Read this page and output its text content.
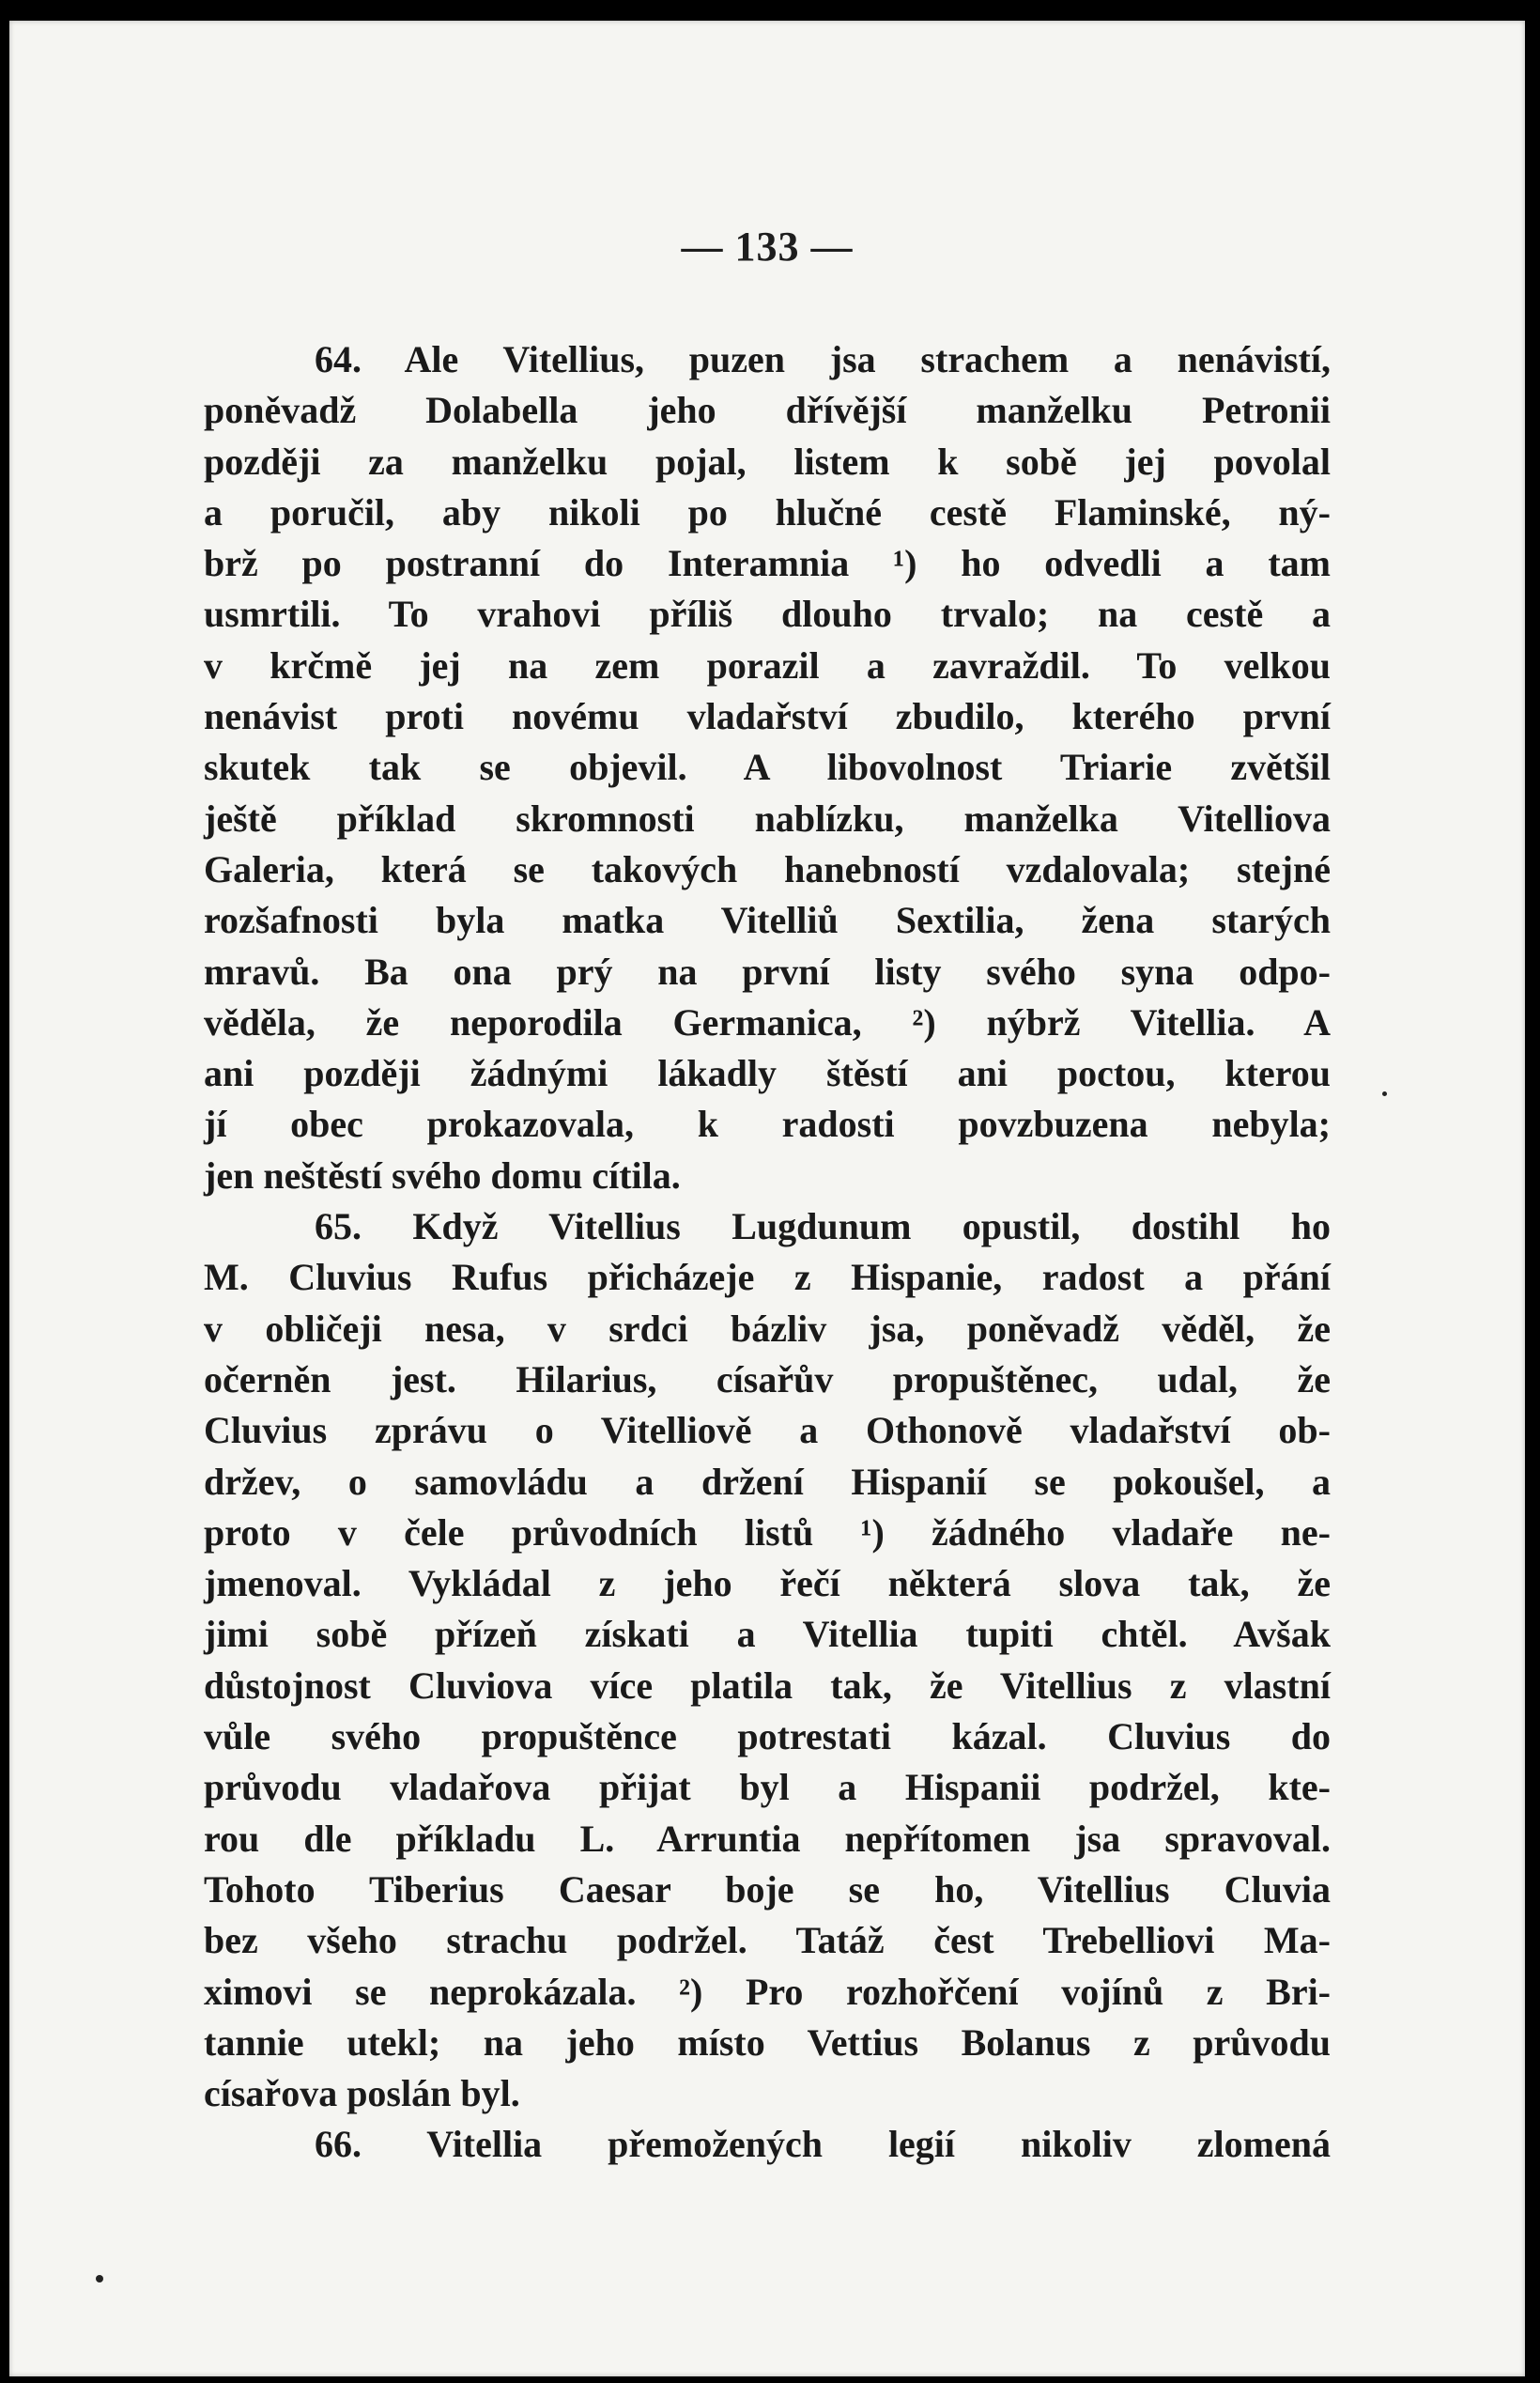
— 133 —
64. Ale Vitellius, puzen jsa strachem a nenávistí,
poněvadž Dolabella jeho dřívější manželku Petronii
později za manželku pojal, listem k sobě jej povolal
a poručil, aby nikoli po hlučné cestě Flaminské, ný-
brž po postranní do Interamnia ¹) ho odvedli a tam
usmrtili. To vrahovi příliš dlouho trvalo; na cestě a
v krčmě jej na zem porazil a zavraždil. To velkou
nenávist proti novému vladařství zbudilo, kterého první
skutek tak se objevil. A libovolnost Triarie zvětšil
ještě příklad skromnosti nablízku, manželka Vitelliova
Galeria, která se takových hanebností vzdalovala; stejné
rozšafnosti byla matka Vitelliů Sextilia, žena starých
mravů. Ba ona prý na první listy svého syna odpo-
věděla, že neporodila Germanica, ²) nýbrž Vitellia. A
ani později žádnými lákadly štěstí ani poctou, kterou
jí obec prokazovala, k radosti povzbuzena nebyla;
jen neštěstí svého domu cítila.
65. Když Vitellius Lugdunum opustil, dostihl ho
M. Cluvius Rufus přicházeje z Hispanie, radost a přání
v obličeji nesa, v srdci bázliv jsa, poněvadž věděl, že
očerněn jest. Hilarius, císařův propuštěnec, udal, že
Cluvius zprávu o Vitelliově a Othonově vladařství ob-
držev, o samovládu a držení Hispanií se pokoušel, a
proto v čele průvodních listů ¹) žádného vladaře ne-
jmenoval. Vykládal z jeho řečí některá slova tak, že
jimi sobě přízeň získati a Vitellia tupiti chtěl. Avšak
důstojnost Cluviova více platila tak, že Vitellius z vlastní
vůle svého propuštěnce potrestati kázal. Cluvius do
průvodu vladařova přijat byl a Hispanii podržel, kte-
rou dle příkladu L. Arruntia nepřítomen jsa spravoval.
Tohoto Tiberius Caesar boje se ho, Vitellius Cluvia
bez všeho strachu podržel. Tatáž čest Trebelliovi Ma-
ximovi se neprokázala. ²) Pro rozhořčení vojínů z Bri-
tannie utekl; na jeho místo Vettius Bolanus z průvodu
císařova poslán byl.
66. Vitellia přemožených legií nikoliv zlomená
